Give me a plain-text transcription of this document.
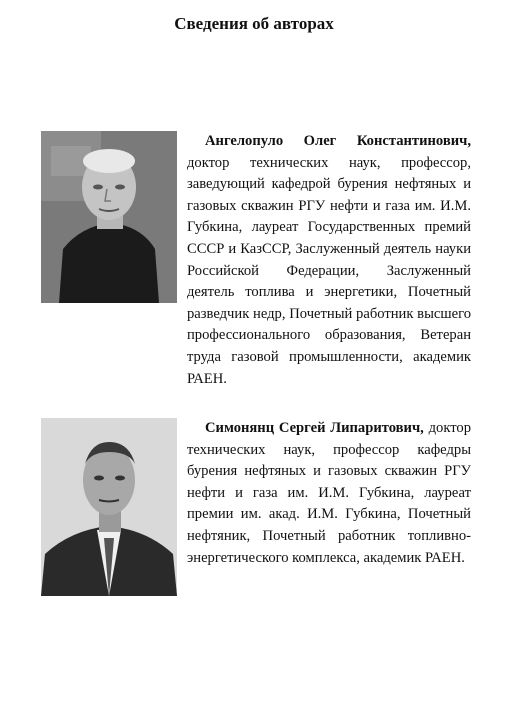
Сведения об авторах

Ангелопуло Олег Константинович, доктор технических наук, профессор, заведующий кафедрой бурения нефтяных и газовых скважин РГУ нефти и газа им. И.М. Губкина, лауреат Государственных премий СССР и КазССР, Заслуженный деятель науки Российской Федерации, Заслуженный деятель топлива и энергетики, Почетный разведчик недр, Почетный работник высшего профессионального образования, Ветеран труда газовой промышленности, академик РАЕН.

Симонянц Сергей Липаритович, доктор технических наук, профессор кафедры бурения нефтяных и газовых скважин РГУ нефти и газа им. И.М. Губкина, лауреат премии им. акад. И.М. Губкина, Почетный нефтяник, Почетный работник топливно-энергетического комплекса, академик РАЕН.
